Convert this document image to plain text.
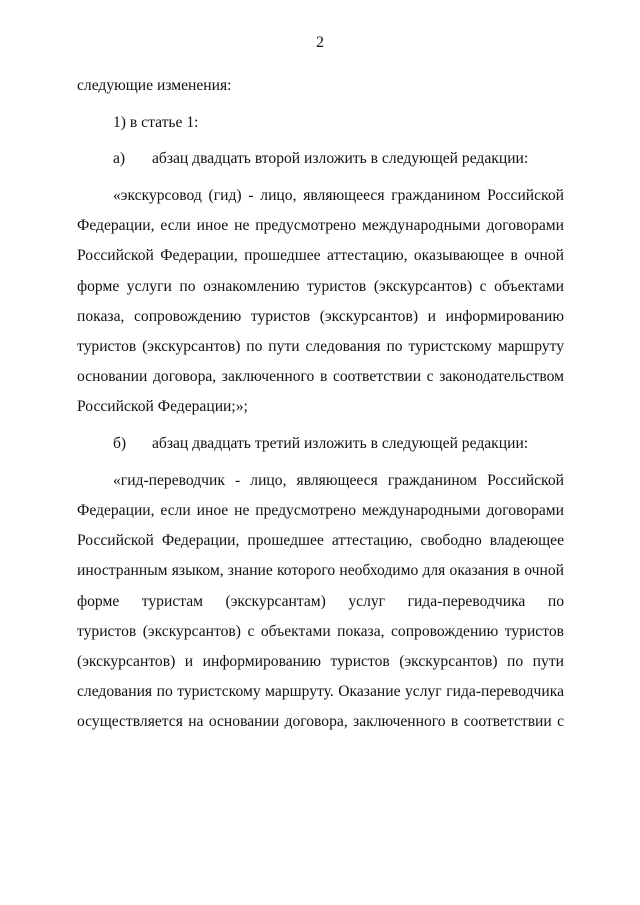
2
следующие изменения:
1) в статье 1:
а)	абзац двадцать второй изложить в следующей редакции:
«экскурсовод (гид) - лицо, являющееся гражданином Российской
Федерации, если иное не предусмотрено международными договорами
Российской Федерации, прошедшее аттестацию, оказывающее в очной
форме услуги по ознакомлению туристов (экскурсантов) с объектами
показа, сопровождению туристов (экскурсантов) и информированию
туристов (экскурсантов) по пути следования по туристскому маршруту
основании договора, заключенного в соответствии с законодательством
Российской Федерации;»;
б)	абзац двадцать третий изложить в следующей редакции:
«гид-переводчик - лицо, являющееся гражданином Российской
Федерации, если иное не предусмотрено международными договорами
Российской Федерации, прошедшее аттестацию, свободно владеющее
иностранным языком, знание которого необходимо для оказания в очной
форме туристам (экскурсантам) услуг гида-переводчика по
туристов (экскурсантов) с объектами показа, сопровождению туристов
(экскурсантов) и информированию туристов (экскурсантов) по пути
следования по туристскому маршруту. Оказание услуг гида-переводчика
осуществляется на основании договора, заключенного в соответствии с
